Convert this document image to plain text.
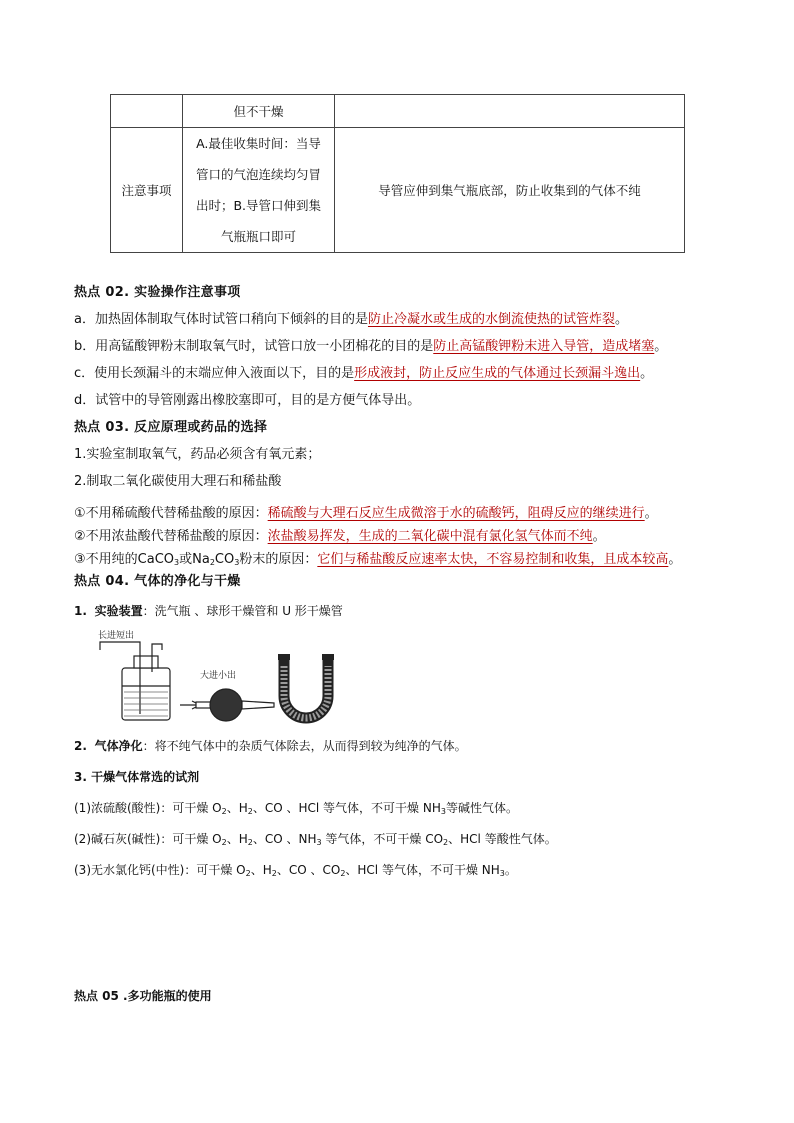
	但不干燥	
注意事项	A.最佳收集时间：当导
管口的气泡连续均匀冒
出时；B.导管口伸到集
气瓶瓶口即可	导管应伸到集气瓶底部，防止收集到的气体不纯
热点 02. 实验操作注意事项
a．加热固体制取气体时试管口稍向下倾斜的目的是防止冷凝水或生成的水倒流使热的试管炸裂。
b．用高锰酸钾粉末制取氧气时，试管口放一小团棉花的目的是防止高锰酸钾粉末进入导管，造成堵塞。
c．使用长颈漏斗的末端应伸入液面以下，目的是形成液封，防止反应生成的气体通过长颈漏斗逸出。
d．试管中的导管刚露出橡胶塞即可，目的是方便气体导出。
热点 03. 反应原理或药品的选择
1.实验室制取氧气，药品必须含有氧元素；
2.制取二氧化碳使用大理石和稀盐酸
①不用稀硫酸代替稀盐酸的原因：稀硫酸与大理石反应生成微溶于水的硫酸钙，阻碍反应的继续进行。
②不用浓盐酸代替稀盐酸的原因：浓盐酸易挥发，生成的二氧化碳中混有氯化氢气体而不纯。
③不用纯的CaCO$_3$或$Na_2CO_3$粉末的原因：它们与稀盐酸反应速率太快，不容易控制和收集，且成本较高。
热点 04. 气体的净化与干燥
1. 实验装置：洗气瓶 、球形干燥管和 U 形干燥管
长进短出
大进小出
2. 气体净化：将不纯气体中的杂质气体除去，从而得到较为纯净的气体。
3. 干燥气体常选的试剂
(1)浓硫酸(酸性)：可干燥 $O_2$、$H_2$、CO 、HCl 等气体，不可干燥 $NH_3$等碱性气体。
(2)碱石灰(碱性)：可干燥 $O_2$、$H_2$、CO 、$NH_3$ 等气体，不可干燥 $CO_2$、HCl 等酸性气体。
(3)无水氯化钙(中性)：可干燥 $O_2$、$H_2$、CO 、$CO_2$、HCl 等气体，不可干燥 $NH_3$。
热点 05 .多功能瓶的使用
